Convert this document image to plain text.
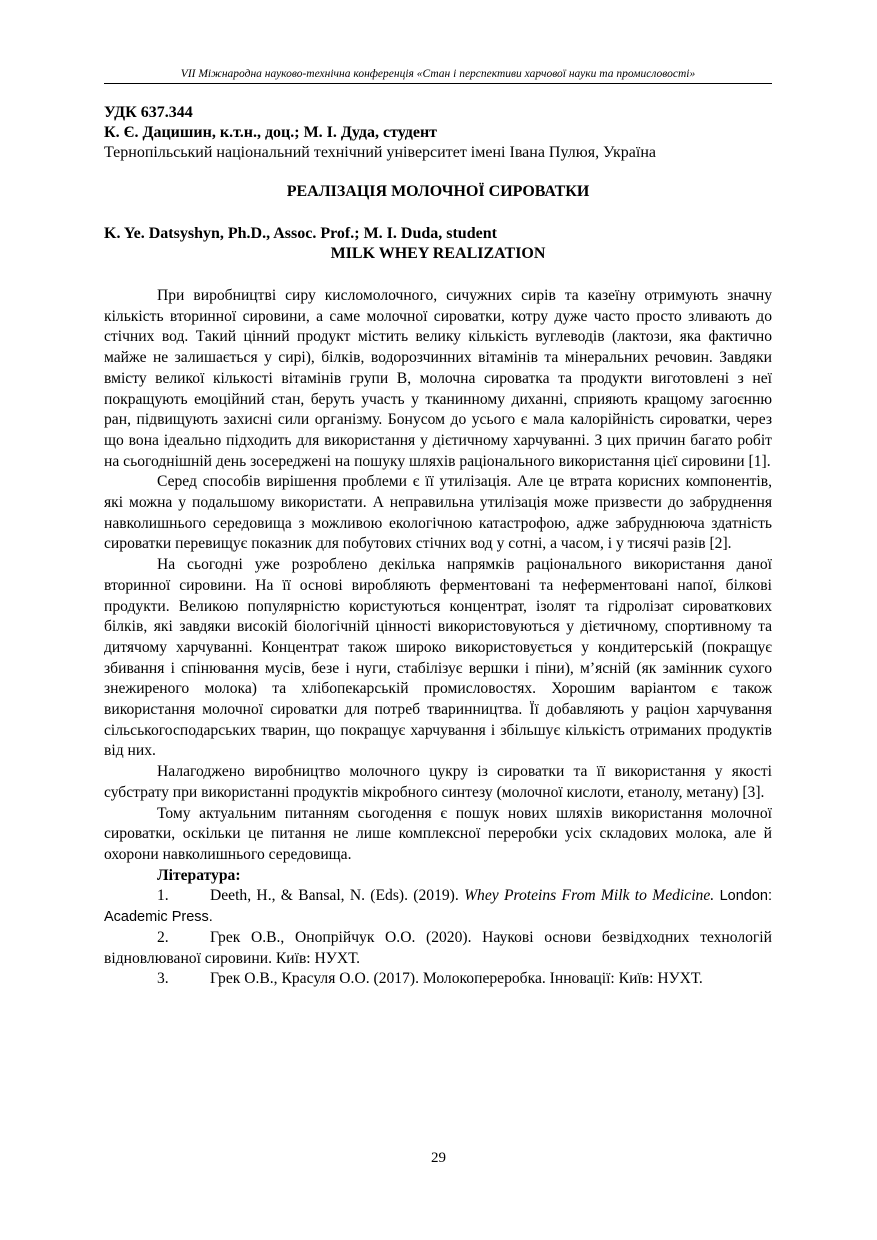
VII Міжнародна науково-технічна конференція «Стан і перспективи харчової науки та промисловості»
УДК 637.344
К. Є. Дацишин, к.т.н., доц.; М. І. Дуда, студент
Тернопільський національний технічний університет імені Івана Пулюя, Україна
РЕАЛІЗАЦІЯ МОЛОЧНОЇ СИРОВАТКИ
K. Ye. Datsyshyn, Ph.D., Assoc. Prof.; M. I. Duda, student
MILK WHEY REALIZATION

При виробництві сиру кисломолочного, сичужних сирів та казеїну отримують значну кількість вторинної сировини, а саме молочної сироватки, котру дуже часто просто зливають до стічних вод. Такий цінний продукт містить велику кількість вуглеводів (лактози, яка фактично майже не залишається у сирі), білків, водорозчинних вітамінів та мінеральних речовин. Завдяки вмісту великої кількості вітамінів групи В, молочна сироватка та продукти виготовлені з неї покращують емоційний стан, беруть участь у тканинному диханні, сприяють кращому загоєнню ран, підвищують захисні сили організму. Бонусом до усього є мала калорійність сироватки, через що вона ідеально підходить для використання у дієтичному харчуванні. З цих причин багато робіт на сьогоднішній день зосереджені на пошуку шляхів раціонального використання цієї сировини [1].

Серед способів вирішення проблеми є її утилізація. Але це втрата корисних компонентів, які можна у подальшому використати. А неправильна утилізація може призвести до забруднення навколишнього середовища з можливою екологічною катастрофою, адже забруднююча здатність сироватки перевищує показник для побутових стічних вод у сотні, а часом, і у тисячі разів [2].

На сьогодні уже розроблено декілька напрямків раціонального використання даної вторинної сировини. На її основі виробляють ферментовані та неферментовані напої, білкові продукти. Великою популярністю користуються концентрат, ізолят та гідролізат сироваткових білків, які завдяки високій біологічній цінності використовуються у дієтичному, спортивному та дитячому харчуванні. Концентрат також широко використовується у кондитерській (покращує збивання і спінювання мусів, безе і нуги, стабілізує вершки і піни), м’ясній (як замінник сухого знежиреного молока) та хлібопекарській промисловостях. Хорошим варіантом є також використання молочної сироватки для потреб тваринництва. Її добавляють у раціон харчування сільськогосподарських тварин, що покращує харчування і збільшує кількість отриманих продуктів від них.

Налагоджено виробництво молочного цукру із сироватки та її використання у якості субстрату при використанні продуктів мікробного синтезу (молочної кислоти, етанолу, метану) [3].

Тому актуальним питанням сьогодення є пошук нових шляхів використання молочної сироватки, оскільки це питання не лише комплексної переробки усіх складових молока, але й охорони навколишнього середовища.

Література:
1.	Deeth, H., & Bansal, N. (Eds). (2019). Whey Proteins From Milk to Medicine. London: Academic Press.
2.	Грек О.В., Онопрійчук О.О. (2020). Наукові основи безвідходних технологій відновлюваної сировини. Київ: НУХТ.
3.	Грек О.В., Красуля О.О. (2017). Молокопереробка. Інновації: Київ: НУХТ.
29
